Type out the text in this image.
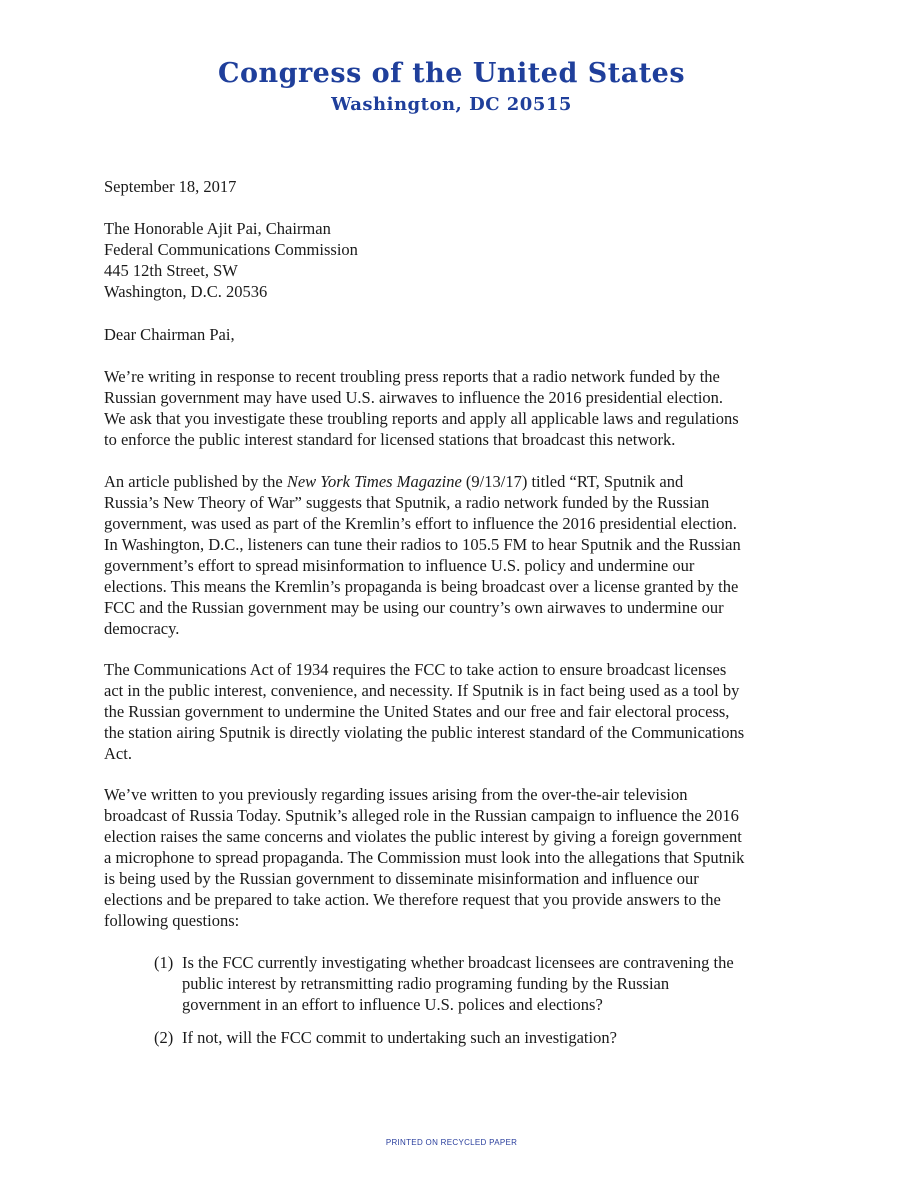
Congress of the United States
Washington, DC 20515
September 18, 2017
The Honorable Ajit Pai, Chairman
Federal Communications Commission
445 12th Street, SW
Washington, D.C. 20536
Dear Chairman Pai,
We’re writing in response to recent troubling press reports that a radio network funded by the
Russian government may have used U.S. airwaves to influence the 2016 presidential election.
We ask that you investigate these troubling reports and apply all applicable laws and regulations
to enforce the public interest standard for licensed stations that broadcast this network.
An article published by the New York Times Magazine (9/13/17) titled “RT, Sputnik and
Russia’s New Theory of War” suggests that Sputnik, a radio network funded by the Russian
government, was used as part of the Kremlin’s effort to influence the 2016 presidential election.
In Washington, D.C., listeners can tune their radios to 105.5 FM to hear Sputnik and the Russian
government’s effort to spread misinformation to influence U.S. policy and undermine our
elections. This means the Kremlin’s propaganda is being broadcast over a license granted by the
FCC and the Russian government may be using our country’s own airwaves to undermine our
democracy.
The Communications Act of 1934 requires the FCC to take action to ensure broadcast licenses
act in the public interest, convenience, and necessity. If Sputnik is in fact being used as a tool by
the Russian government to undermine the United States and our free and fair electoral process,
the station airing Sputnik is directly violating the public interest standard of the Communications
Act.
We’ve written to you previously regarding issues arising from the over-the-air television
broadcast of Russia Today. Sputnik’s alleged role in the Russian campaign to influence the 2016
election raises the same concerns and violates the public interest by giving a foreign government
a microphone to spread propaganda. The Commission must look into the allegations that Sputnik
is being used by the Russian government to disseminate misinformation and influence our
elections and be prepared to take action. We therefore request that you provide answers to the
following questions:
(1) Is the FCC currently investigating whether broadcast licensees are contravening the
public interest by retransmitting radio programing funding by the Russian
government in an effort to influence U.S. polices and elections?
(2) If not, will the FCC commit to undertaking such an investigation?
PRINTED ON RECYCLED PAPER
